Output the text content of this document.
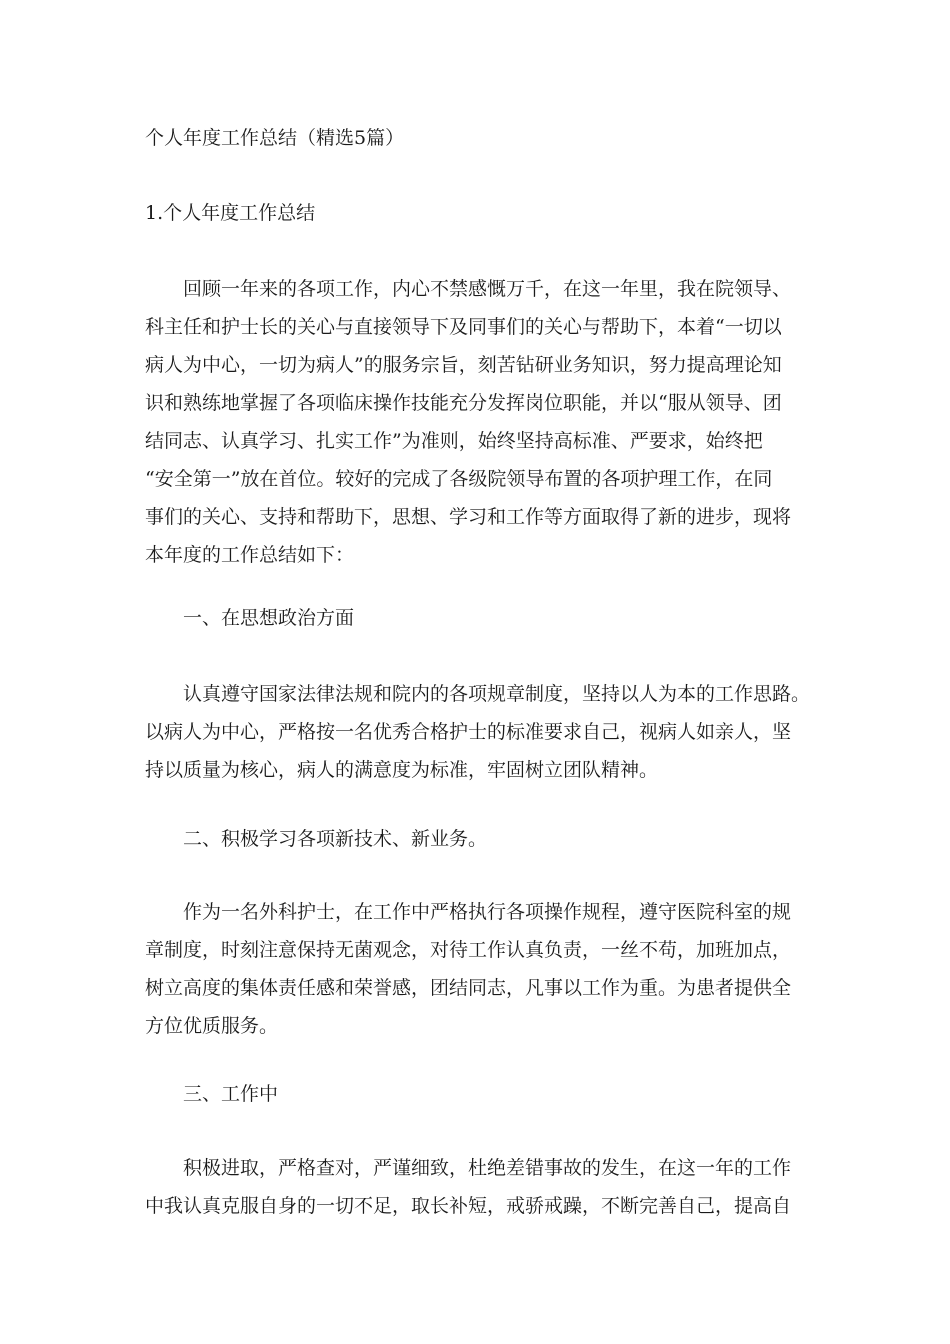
个人年度工作总结（精选5篇）
1.个人年度工作总结
回顾一年来的各项工作，内心不禁感慨万千，在这一年里，我在院领导、
科主任和护士长的关心与直接领导下及同事们的关心与帮助下，本着“一切以
病人为中心，一切为病人”的服务宗旨，刻苦钻研业务知识，努力提高理论知
识和熟练地掌握了各项临床操作技能充分发挥岗位职能，并以“服从领导、团
结同志、认真学习、扎实工作”为准则，始终坚持高标准、严要求，始终把
“安全第一”放在首位。较好的完成了各级院领导布置的各项护理工作，在同
事们的关心、支持和帮助下，思想、学习和工作等方面取得了新的进步，现将
本年度的工作总结如下：
一、在思想政治方面
认真遵守国家法律法规和院内的各项规章制度，坚持以人为本的工作思路。
以病人为中心，严格按一名优秀合格护士的标准要求自己，视病人如亲人，坚
持以质量为核心，病人的满意度为标准，牢固树立团队精神。
二、积极学习各项新技术、新业务。
作为一名外科护士，在工作中严格执行各项操作规程，遵守医院科室的规
章制度，时刻注意保持无菌观念，对待工作认真负责，一丝不苟，加班加点，
树立高度的集体责任感和荣誉感，团结同志，凡事以工作为重。为患者提供全
方位优质服务。
三、工作中
积极进取，严格查对，严谨细致，杜绝差错事故的发生，在这一年的工作
中我认真克服自身的一切不足，取长补短，戒骄戒躁，不断完善自己，提高自
